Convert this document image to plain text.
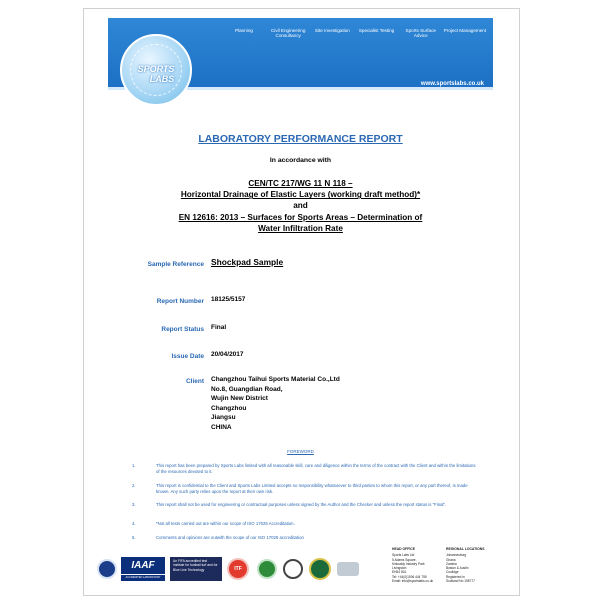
Planning	Civil Engineering Consultancy
Site Investigation	Specialist Testing	Sports Surface Advice
Project Management
www.sportslabs.co.uk
SPORTS
LABS
LABORATORY PERFORMANCE REPORT
In accordance with
CEN/TC 217/WG 11 N 118 –
Horizontal Drainage of Elastic Layers (working draft method)*
and
EN 12616: 2013 – Surfaces for Sports Areas – Determination of
Water Infiltration Rate
Sample Reference Shockpad Sample
Report Number 18125/5157
Report Status Final
Issue Date 20/04/2017
Client Changzhou Taihui Sports Material Co.,Ltd
No.8, Guangdian Road,
Wujin New District
Changzhou
Jiangsu
CHINA
FOREWORD
1.	This report has been prepared by Sports Labs limited with all reasonable skill, care and diligence within the terms of the contract with the Client and within the limitations of the resources devoted to it.
2.	This report is confidential to the Client and Sports Labs Limited accepts no responsibility whatsoever to third parties to whom this report, or any part thereof, is made known. Any such party relies upon the report at their own risk.
3.	This report shall not be used for engineering or contractual purposes unless signed by the Author and the Checker and unless the report status is "Final".
4.	*Not all tests carried out are within our scope of ISO 17025 Accreditation.
5.	Comments and opinions are outwith the scope of our ISO 17025 accreditation
IAAF
ACCREDITED LABORATORY
An FIFA accredited test institute for football turf and for Blue Line Technology	ITF
HEAD OFFICE
Sports Labs Ltd
5 Adams Square,
Kirkcaldy Industry Park
Livingston
EH54 5DL
Tel: +44(0)1506 444 755
Email: info@sportslabs.co.uk
REGIONAL LOCATIONS
Johannesburg
Ghana
Zambia
Boston & Austin
Coolidge
Registered in
Scotland No 198777
